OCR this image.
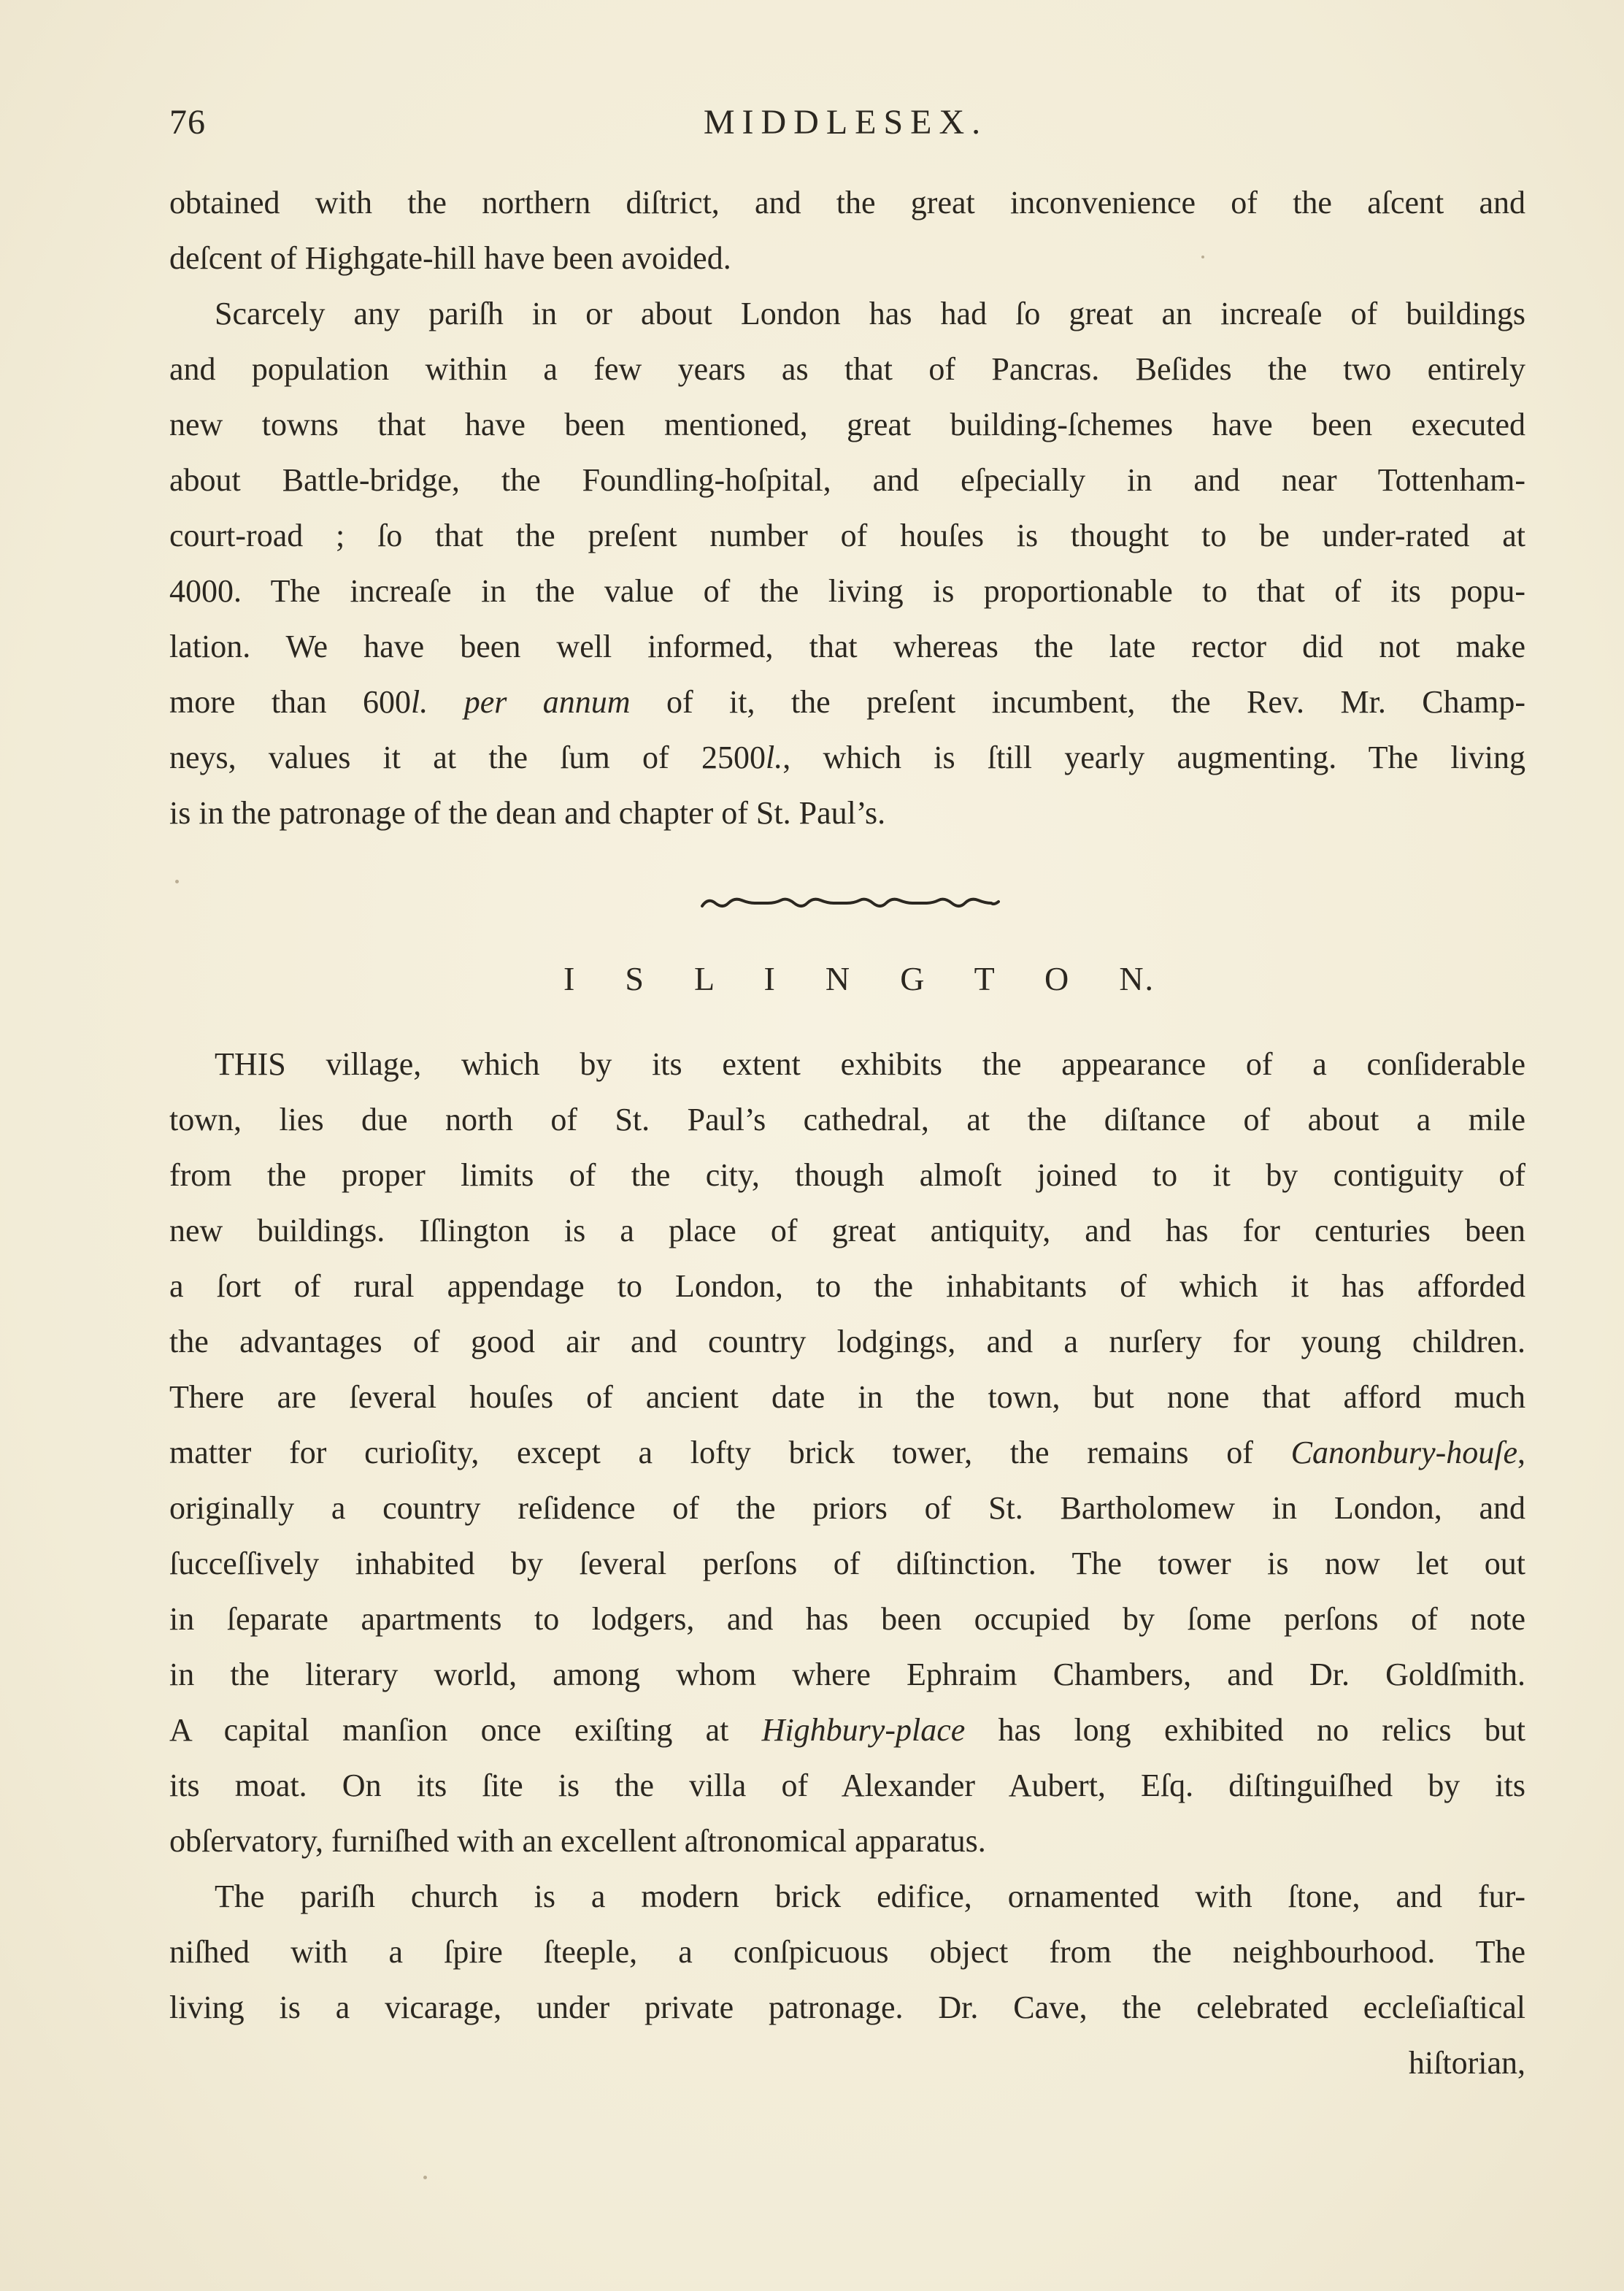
76	MIDDLESEX.
obtained with the northern diſtrict, and the great inconvenience of the aſcent and
deſcent of Highgate-hill have been avoided.
Scarcely any pariſh in or about London has had ſo great an increaſe of buildings
and population within a few years as that of Pancras. Beſides the two entirely
new towns that have been mentioned, great building-ſchemes have been executed
about Battle-bridge, the Foundling-hoſpital, and eſpecially in and near Tottenham-
court-road ; ſo that the preſent number of houſes is thought to be under-rated at
4000. The increaſe in the value of the living is proportionable to that of its popu-
lation. We have been well informed, that whereas the late rector did not make
more than 600l. per annum of it, the preſent incumbent, the Rev. Mr. Champ-
neys, values it at the ſum of 2500l., which is ſtill yearly augmenting. The living
is in the patronage of the dean and chapter of St. Paul’s.
I S L I N G T O N.
THIS village, which by its extent exhibits the appearance of a conſiderable
town, lies due north of St. Paul’s cathedral, at the diſtance of about a mile
from the proper limits of the city, though almoſt joined to it by contiguity of
new buildings. Iſlington is a place of great antiquity, and has for centuries been
a ſort of rural appendage to London, to the inhabitants of which it has afforded
the advantages of good air and country lodgings, and a nurſery for young children.
There are ſeveral houſes of ancient date in the town, but none that afford much
matter for curioſity, except a lofty brick tower, the remains of Canonbury-houſe,
originally a country reſidence of the priors of St. Bartholomew in London, and
ſucceſſively inhabited by ſeveral perſons of diſtinction. The tower is now let out
in ſeparate apartments to lodgers, and has been occupied by ſome perſons of note
in the literary world, among whom where Ephraim Chambers, and Dr. Goldſmith.
A capital manſion once exiſting at Highbury-place has long exhibited no relics but
its moat. On its ſite is the villa of Alexander Aubert, Eſq. diſtinguiſhed by its
obſervatory, furniſhed with an excellent aſtronomical apparatus.
The pariſh church is a modern brick edifice, ornamented with ſtone, and fur-
niſhed with a ſpire ſteeple, a conſpicuous object from the neighbourhood. The
living is a vicarage, under private patronage. Dr. Cave, the celebrated eccleſiaſtical
hiſtorian,
